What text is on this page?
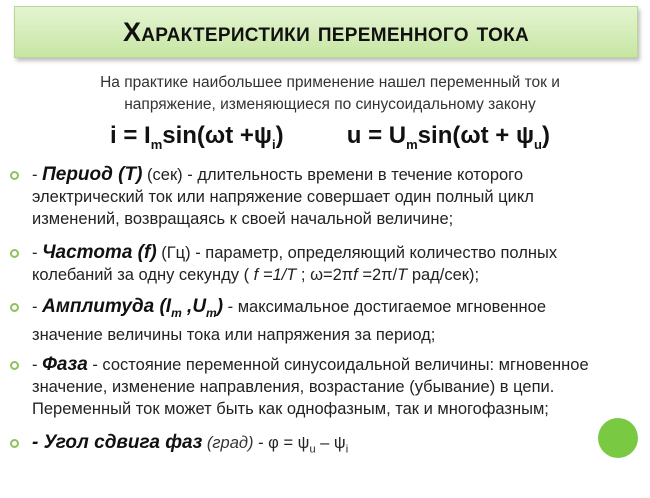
Характеристики переменного тока
На практике наибольшее применение нашел переменный ток и
напряжение, изменяющиеся по синусоидальному закону
$i = I_m\sin(\omega t +\psi_i)$	$u = U_m\sin(\omega t + \psi_u)$
- Период (Т) (сек) - длительность времени в течение которого
электрический ток или напряжение совершает один полный цикл
изменений, возвращаясь к своей начальной величине;
- Частота (f) (Гц) - параметр, определяющий количество полных
колебаний за одну секунду ( f =1/T ; ω=2πf =2π/T рад/сек);
- Амплитуда ($I_m$ $,U_m$) - максимальное достигаемое мгновенное
значение величины тока или напряжения за период;
- Фаза - состояние переменной синусоидальной величины: мгновенное
значение, изменение направления, возрастание (убывание) в цепи.
Переменный ток может быть как однофазным, так и многофазным;
- Угол сдвига фаз (град) - $\varphi = \psi_u - \psi_i$
